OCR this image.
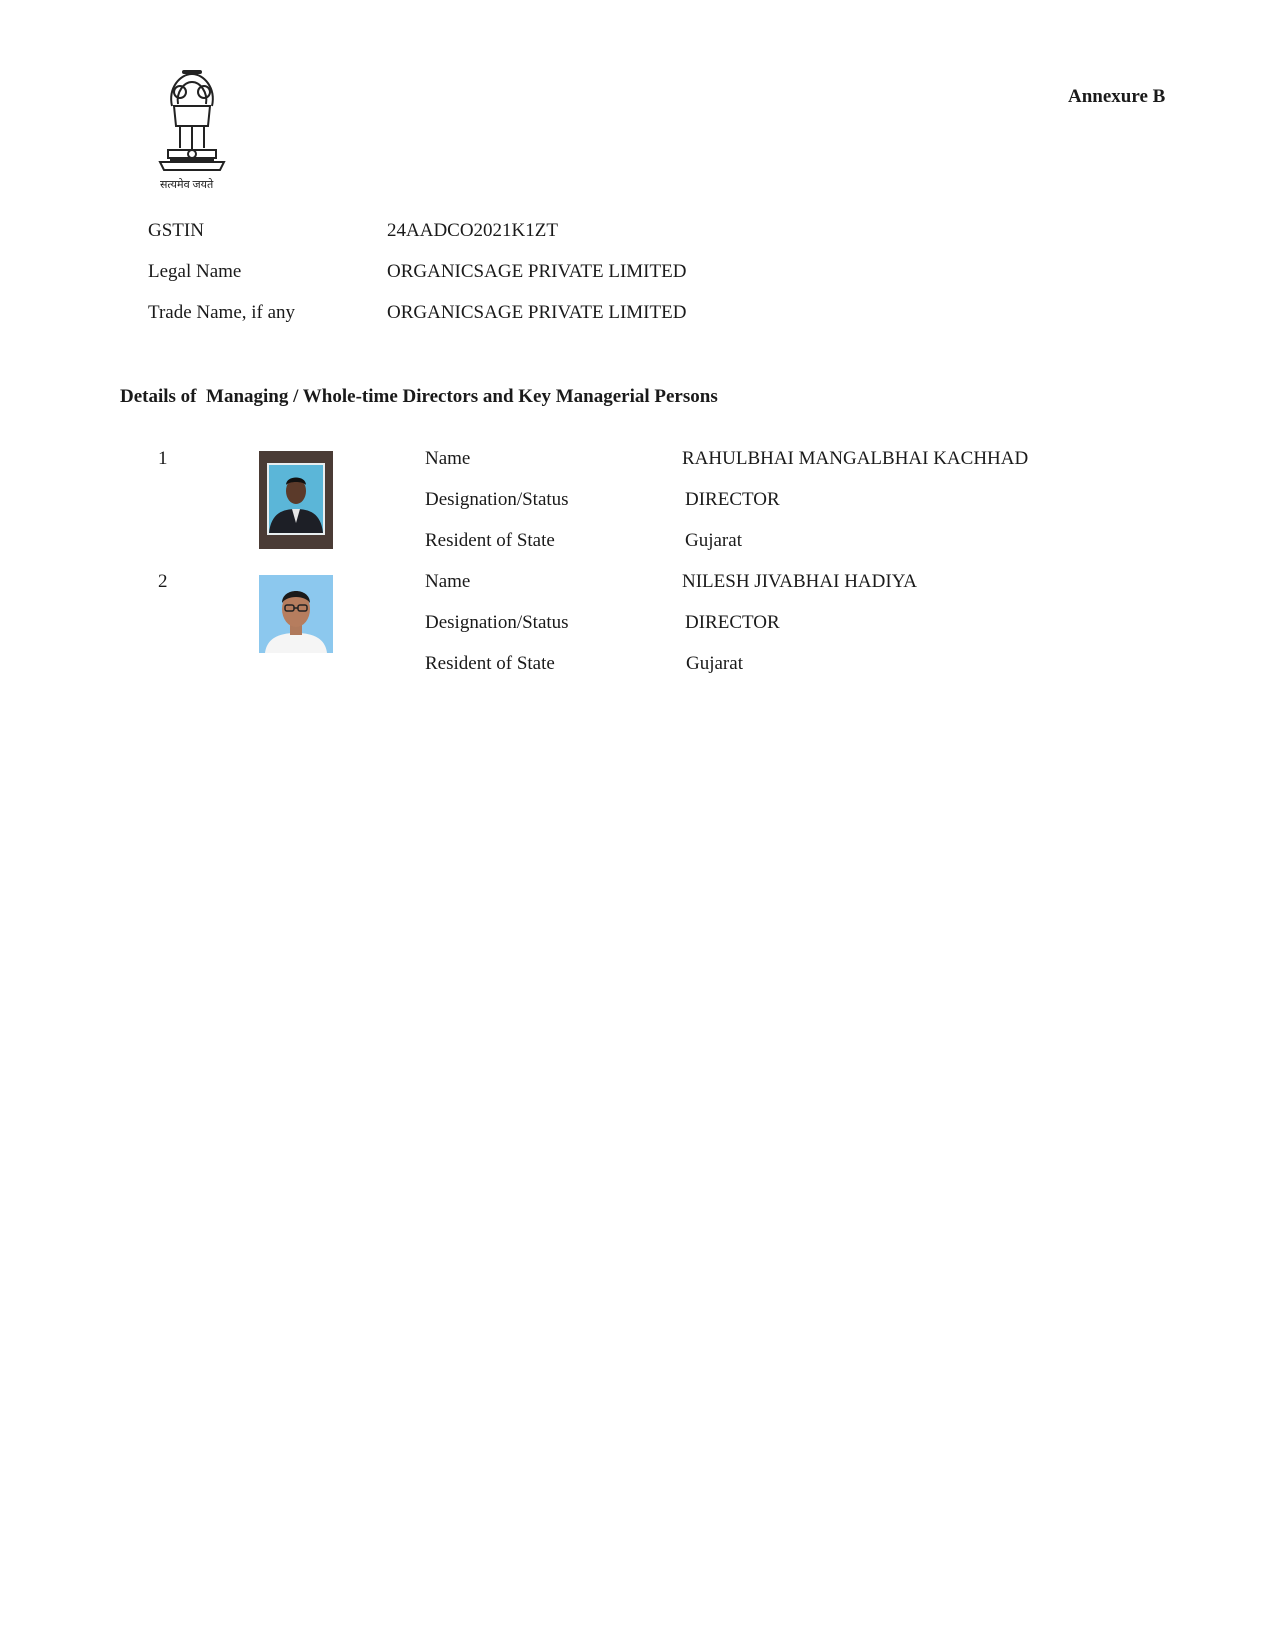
सत्यमेव जयते
Annexure B
GSTIN	24AADCO2021K1ZT
Legal Name	ORGANICSAGE PRIVATE LIMITED
Trade Name, if any	ORGANICSAGE PRIVATE LIMITED
Details of  Managing / Whole-time Directors and Key Managerial Persons
1	Name	RAHULBHAI MANGALBHAI KACHHAD
Designation/Status	DIRECTOR
Resident of State	Gujarat
2	Name	NILESH JIVABHAI HADIYA
Designation/Status	DIRECTOR
Resident of State	Gujarat
